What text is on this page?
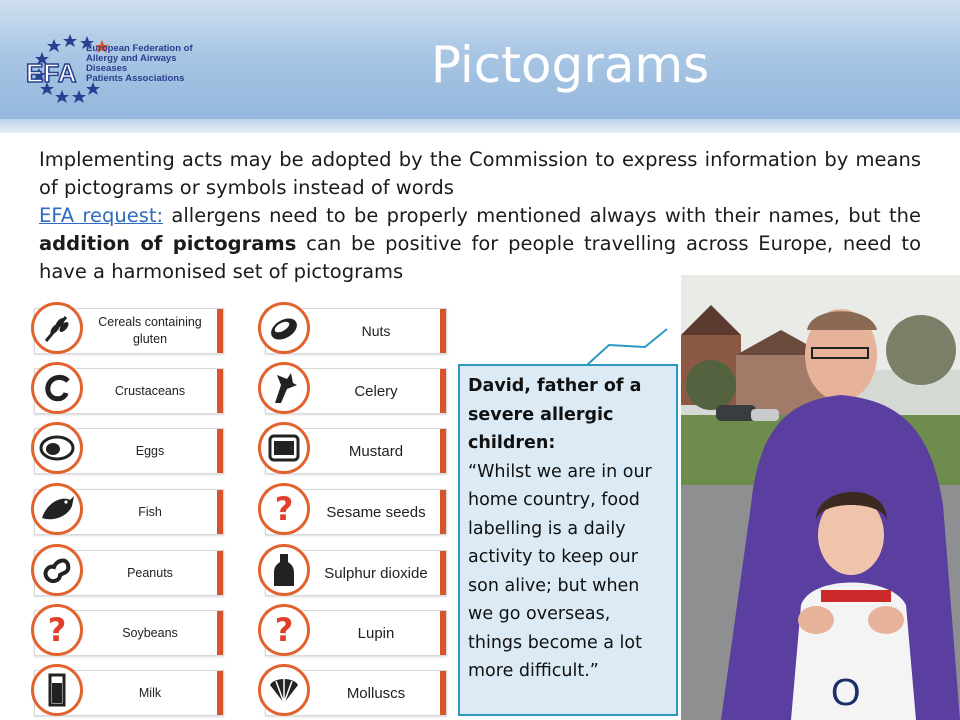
EFA
European Federation of
Allergy and Airways Diseases
Patients Associations	Pictograms

Implementing acts may be adopted by the Commission to express information by means of pictograms or symbols instead of words

EFA request: allergens need to be properly mentioned always with their names, but the addition of pictograms can be positive for people travelling across Europe, need to have a harmonised set of pictograms

Cereals containing gluten
Crustaceans
Eggs
Fish
Peanuts
?	Soybeans
Milk
Nuts
Celery
Mustard
?	Sesame seeds
Sulphur dioxide
?	Lupin
Molluscs
David, father of a severe allergic children:
“Whilst we are in our home country, food labelling is a daily activity to keep our son alive; but when we go overseas, things become a lot more difficult.”
O
